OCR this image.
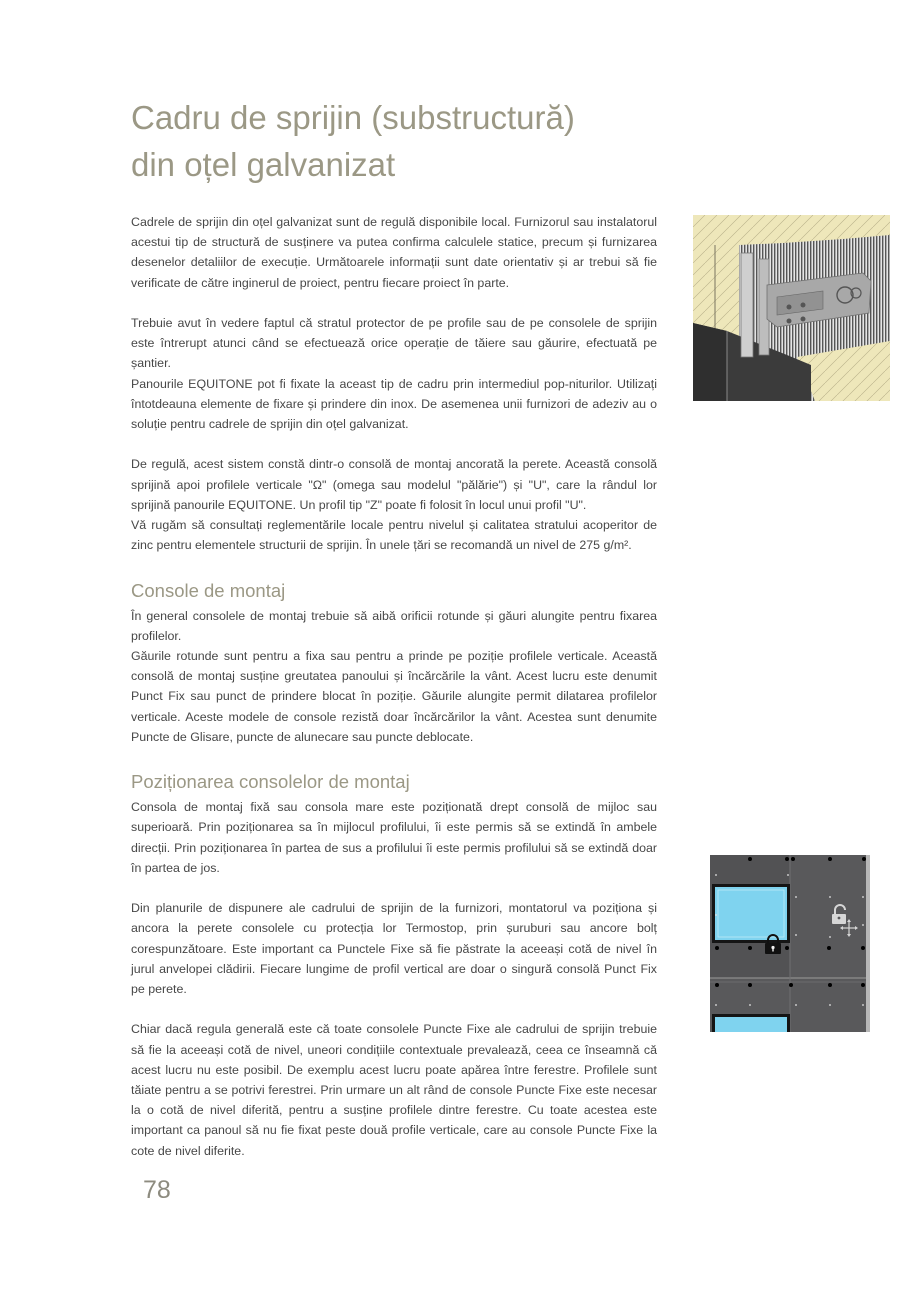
Cadru de sprijin (substructură)
din oțel galvanizat

Cadrele de sprijin din oțel galvanizat sunt de regulă disponibile local. Furnizorul sau instalatorul acestui tip de structură de susținere va putea confirma calculele statice, precum și furnizarea desenelor detaliilor de execuție. Următoarele informații sunt date orientativ și ar trebui să fie verificate de către inginerul de proiect, pentru fiecare proiect în parte.

Trebuie avut în vedere faptul că stratul protector de pe profile sau de pe consolele de sprijin este întrerupt atunci când se efectuează orice operație de tăiere sau găurire, efectuată pe șantier.

Panourile EQUITONE pot fi fixate la aceast tip de cadru prin intermediul pop-niturilor. Utilizați întotdeauna elemente de fixare și prindere din inox. De asemenea unii furnizori de adeziv au o soluție pentru cadrele de sprijin din oțel galvanizat.

De regulă, acest sistem constă dintr-o consolă de montaj ancorată la perete. Această consolă sprijină apoi profilele verticale "Ω" (omega sau modelul "pălărie") și "U", care la rândul lor sprijină panourile EQUITONE. Un profil tip "Z" poate fi folosit în locul unui profil "U".

Vă rugăm să consultați reglementările locale pentru nivelul și calitatea stratului acoperitor de zinc pentru elementele structurii de sprijin. În unele țări se recomandă un nivel de 275 g/m².

Console de montaj

În general consolele de montaj trebuie să aibă orificii rotunde și găuri alungite pentru fixarea profilelor.

Găurile rotunde sunt pentru a fixa sau pentru a prinde pe poziție profilele verticale. Această consolă de montaj susține greutatea panoului și încărcările la vânt. Acest lucru este denumit Punct Fix sau punct de prindere blocat în poziție. Găurile alungite permit dilatarea profilelor verticale. Aceste modele de console rezistă doar încărcărilor la vânt. Acestea sunt denumite Puncte de Glisare, puncte de alunecare sau puncte deblocate.

Poziționarea consolelor de montaj

Consola de montaj fixă sau consola mare este poziționată drept consolă de mijloc sau superioară. Prin poziționarea sa în mijlocul profilului, îi este permis să se extindă în ambele direcții. Prin poziționarea în partea de sus a profilului îi este permis profilului să se extindă doar în partea de jos.

Din planurile de dispunere ale cadrului de sprijin de la furnizori, montatorul va poziționa și ancora la perete consolele cu protecția lor Termostop, prin șuruburi sau ancore bolț corespunzătoare. Este important ca Punctele Fixe să fie păstrate la aceeași cotă de nivel în jurul anvelopei clădirii. Fiecare lungime de profil vertical are doar o singură consolă Punct Fix pe perete.

Chiar dacă regula generală este că toate consolele Puncte Fixe ale cadrului de sprijin trebuie să fie la aceeași cotă de nivel, uneori condițiile contextuale prevalează, ceea ce înseamnă că acest lucru nu este posibil. De exemplu acest lucru poate apărea între ferestre. Profilele sunt tăiate pentru a se potrivi ferestrei. Prin urmare un alt rând de console Puncte Fixe este necesar la o cotă de nivel diferită, pentru a susține profilele dintre ferestre. Cu toate acestea este important ca panoul să nu fie fixat peste două profile verticale, care au console Puncte Fixe la cote de nivel diferite.

78
